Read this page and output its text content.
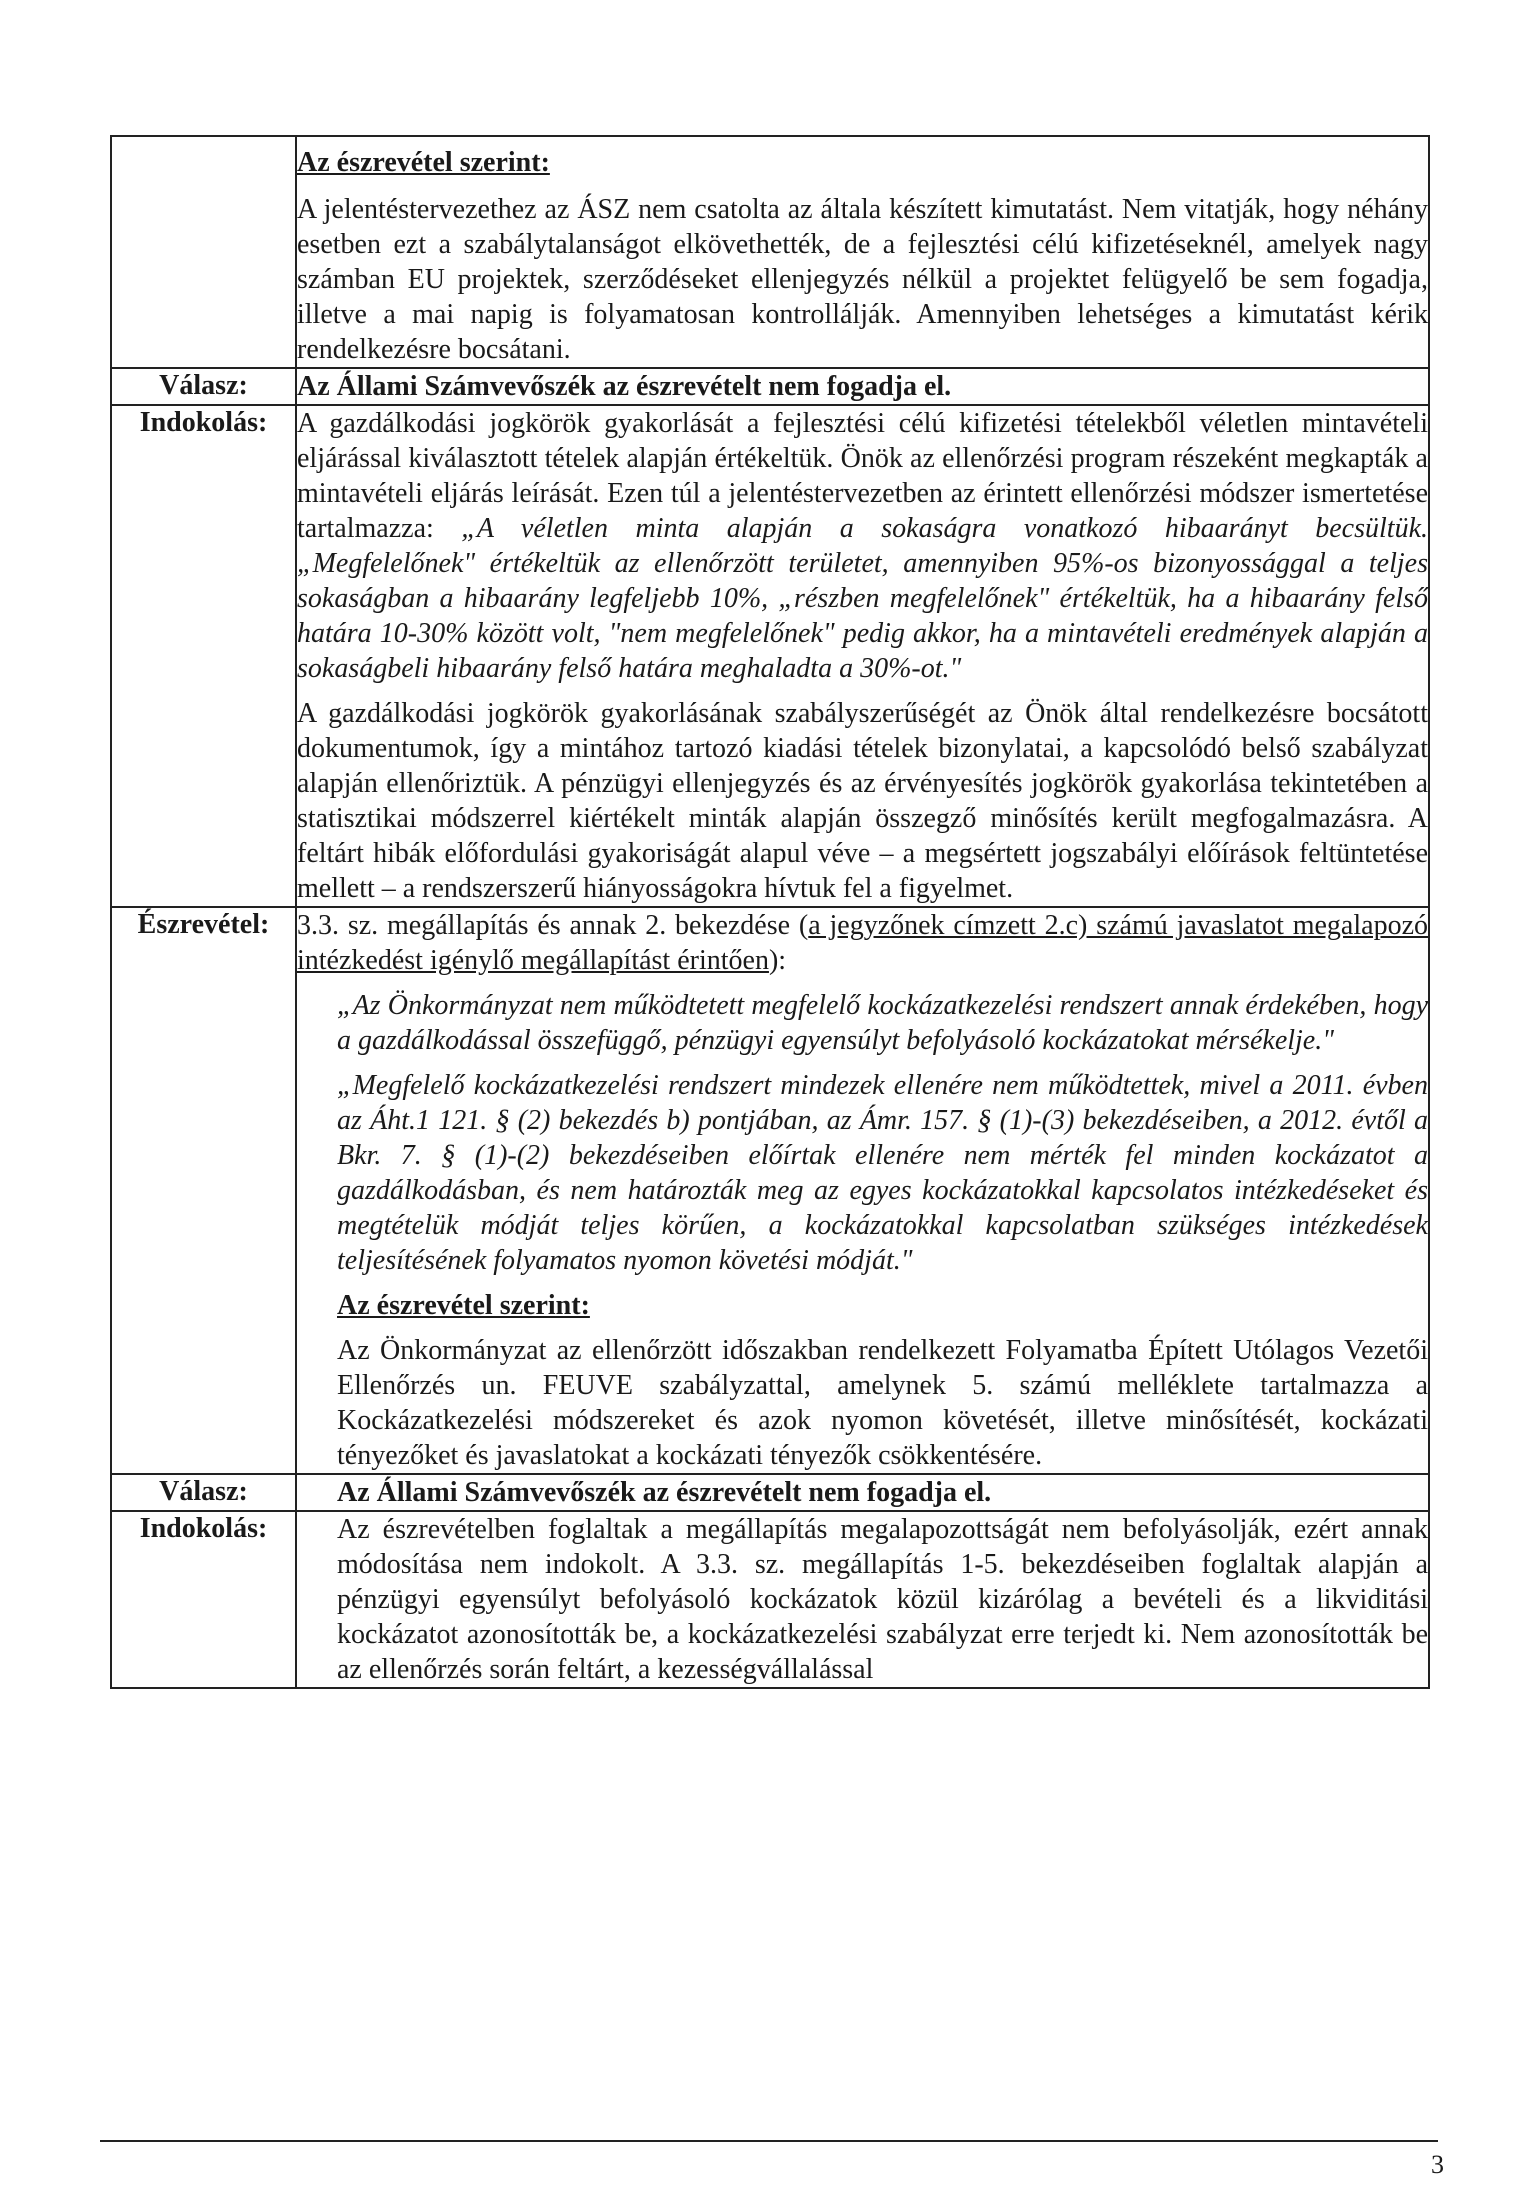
	Az észrevétel szerint:

A jelentéstervezethez az ÁSZ nem csatolta az általa készített kimutatást. Nem vitatják, hogy néhány esetben ezt a szabálytalanságot elkövethették, de a fejlesztési célú kifizetéseknél, amelyek nagy számban EU projektek, szerződéseket ellenjegyzés nélkül a projektet felügyelő be sem fogadja, illetve a mai napig is folyamatosan kontrollálják. Amennyiben lehetséges a kimutatást kérik rendelkezésre bocsátani.

Válasz:	Az Állami Számvevőszék az észrevételt nem fogadja el.
Indokolás:	A gazdálkodási jogkörök gyakorlását a fejlesztési célú kifizetési tételekből véletlen mintavételi eljárással kiválasztott tételek alapján értékeltük. Önök az ellenőrzési program részeként megkapták a mintavételi eljárás leírását. Ezen túl a jelentéstervezetben az érintett ellenőrzési módszer ismertetése tartalmazza: „A véletlen minta alapján a sokaságra vonatkozó hibaarányt becsültük. „Megfelelőnek" értékeltük az ellenőrzött területet, amennyiben 95%-os bizonyossággal a teljes sokaságban a hibaarány legfeljebb 10%, „részben megfelelőnek" értékeltük, ha a hibaarány felső határa 10-30% között volt, "nem megfelelőnek" pedig akkor, ha a mintavételi eredmények alapján a sokaságbeli hibaarány felső határa meghaladta a 30%-ot."

A gazdálkodási jogkörök gyakorlásának szabályszerűségét az Önök által rendelkezésre bocsátott dokumentumok, így a mintához tartozó kiadási tételek bizonylatai, a kapcsolódó belső szabályzat alapján ellenőriztük. A pénzügyi ellenjegyzés és az érvényesítés jogkörök gyakorlása tekintetében a statisztikai módszerrel kiértékelt minták alapján összegző minősítés került megfogalmazásra. A feltárt hibák előfordulási gyakoriságát alapul véve – a megsértett jogszabályi előírások feltüntetése mellett – a rendszerszerű hiányosságokra hívtuk fel a figyelmet.

Észrevétel:	3.3. sz. megállapítás és annak 2. bekezdése (a jegyzőnek címzett 2.c) számú javaslatot megalapozó intézkedést igénylő megállapítást érintően):

„Az Önkormányzat nem működtetett megfelelő kockázatkezelési rendszert annak érdekében, hogy a gazdálkodással összefüggő, pénzügyi egyensúlyt befolyásoló kockázatokat mérsékelje."

„Megfelelő kockázatkezelési rendszert mindezek ellenére nem működtettek, mivel a 2011. évben az Áht.1 121. § (2) bekezdés b) pontjában, az Ámr. 157. § (1)-(3) bekezdéseiben, a 2012. évtől a Bkr. 7. § (1)-(2) bekezdéseiben előírtak ellenére nem mérték fel minden kockázatot a gazdálkodásban, és nem határozták meg az egyes kockázatokkal kapcsolatos intézkedéseket és megtételük módját teljes körűen, a kockázatokkal kapcsolatban szükséges intézkedések teljesítésének folyamatos nyomon követési módját."

Az észrevétel szerint:

Az Önkormányzat az ellenőrzött időszakban rendelkezett Folyamatba Épített Utólagos Vezetői Ellenőrzés un. FEUVE szabályzattal, amelynek 5. számú melléklete tartalmazza a Kockázatkezelési módszereket és azok nyomon követését, illetve minősítését, kockázati tényezőket és javaslatokat a kockázati tényezők csökkentésére.

Válasz:	Az Állami Számvevőszék az észrevételt nem fogadja el.
Indokolás:	Az észrevételben foglaltak a megállapítás megalapozottságát nem befolyásolják, ezért annak módosítása nem indokolt. A 3.3. sz. megállapítás 1-5. bekezdéseiben foglaltak alapján a pénzügyi egyensúlyt befolyásoló kockázatok közül kizárólag a bevételi és a likviditási kockázatot azonosították be, a kockázatkezelési szabályzat erre terjedt ki. Nem azonosították be az ellenőrzés során feltárt, a kezességvállalással
3
